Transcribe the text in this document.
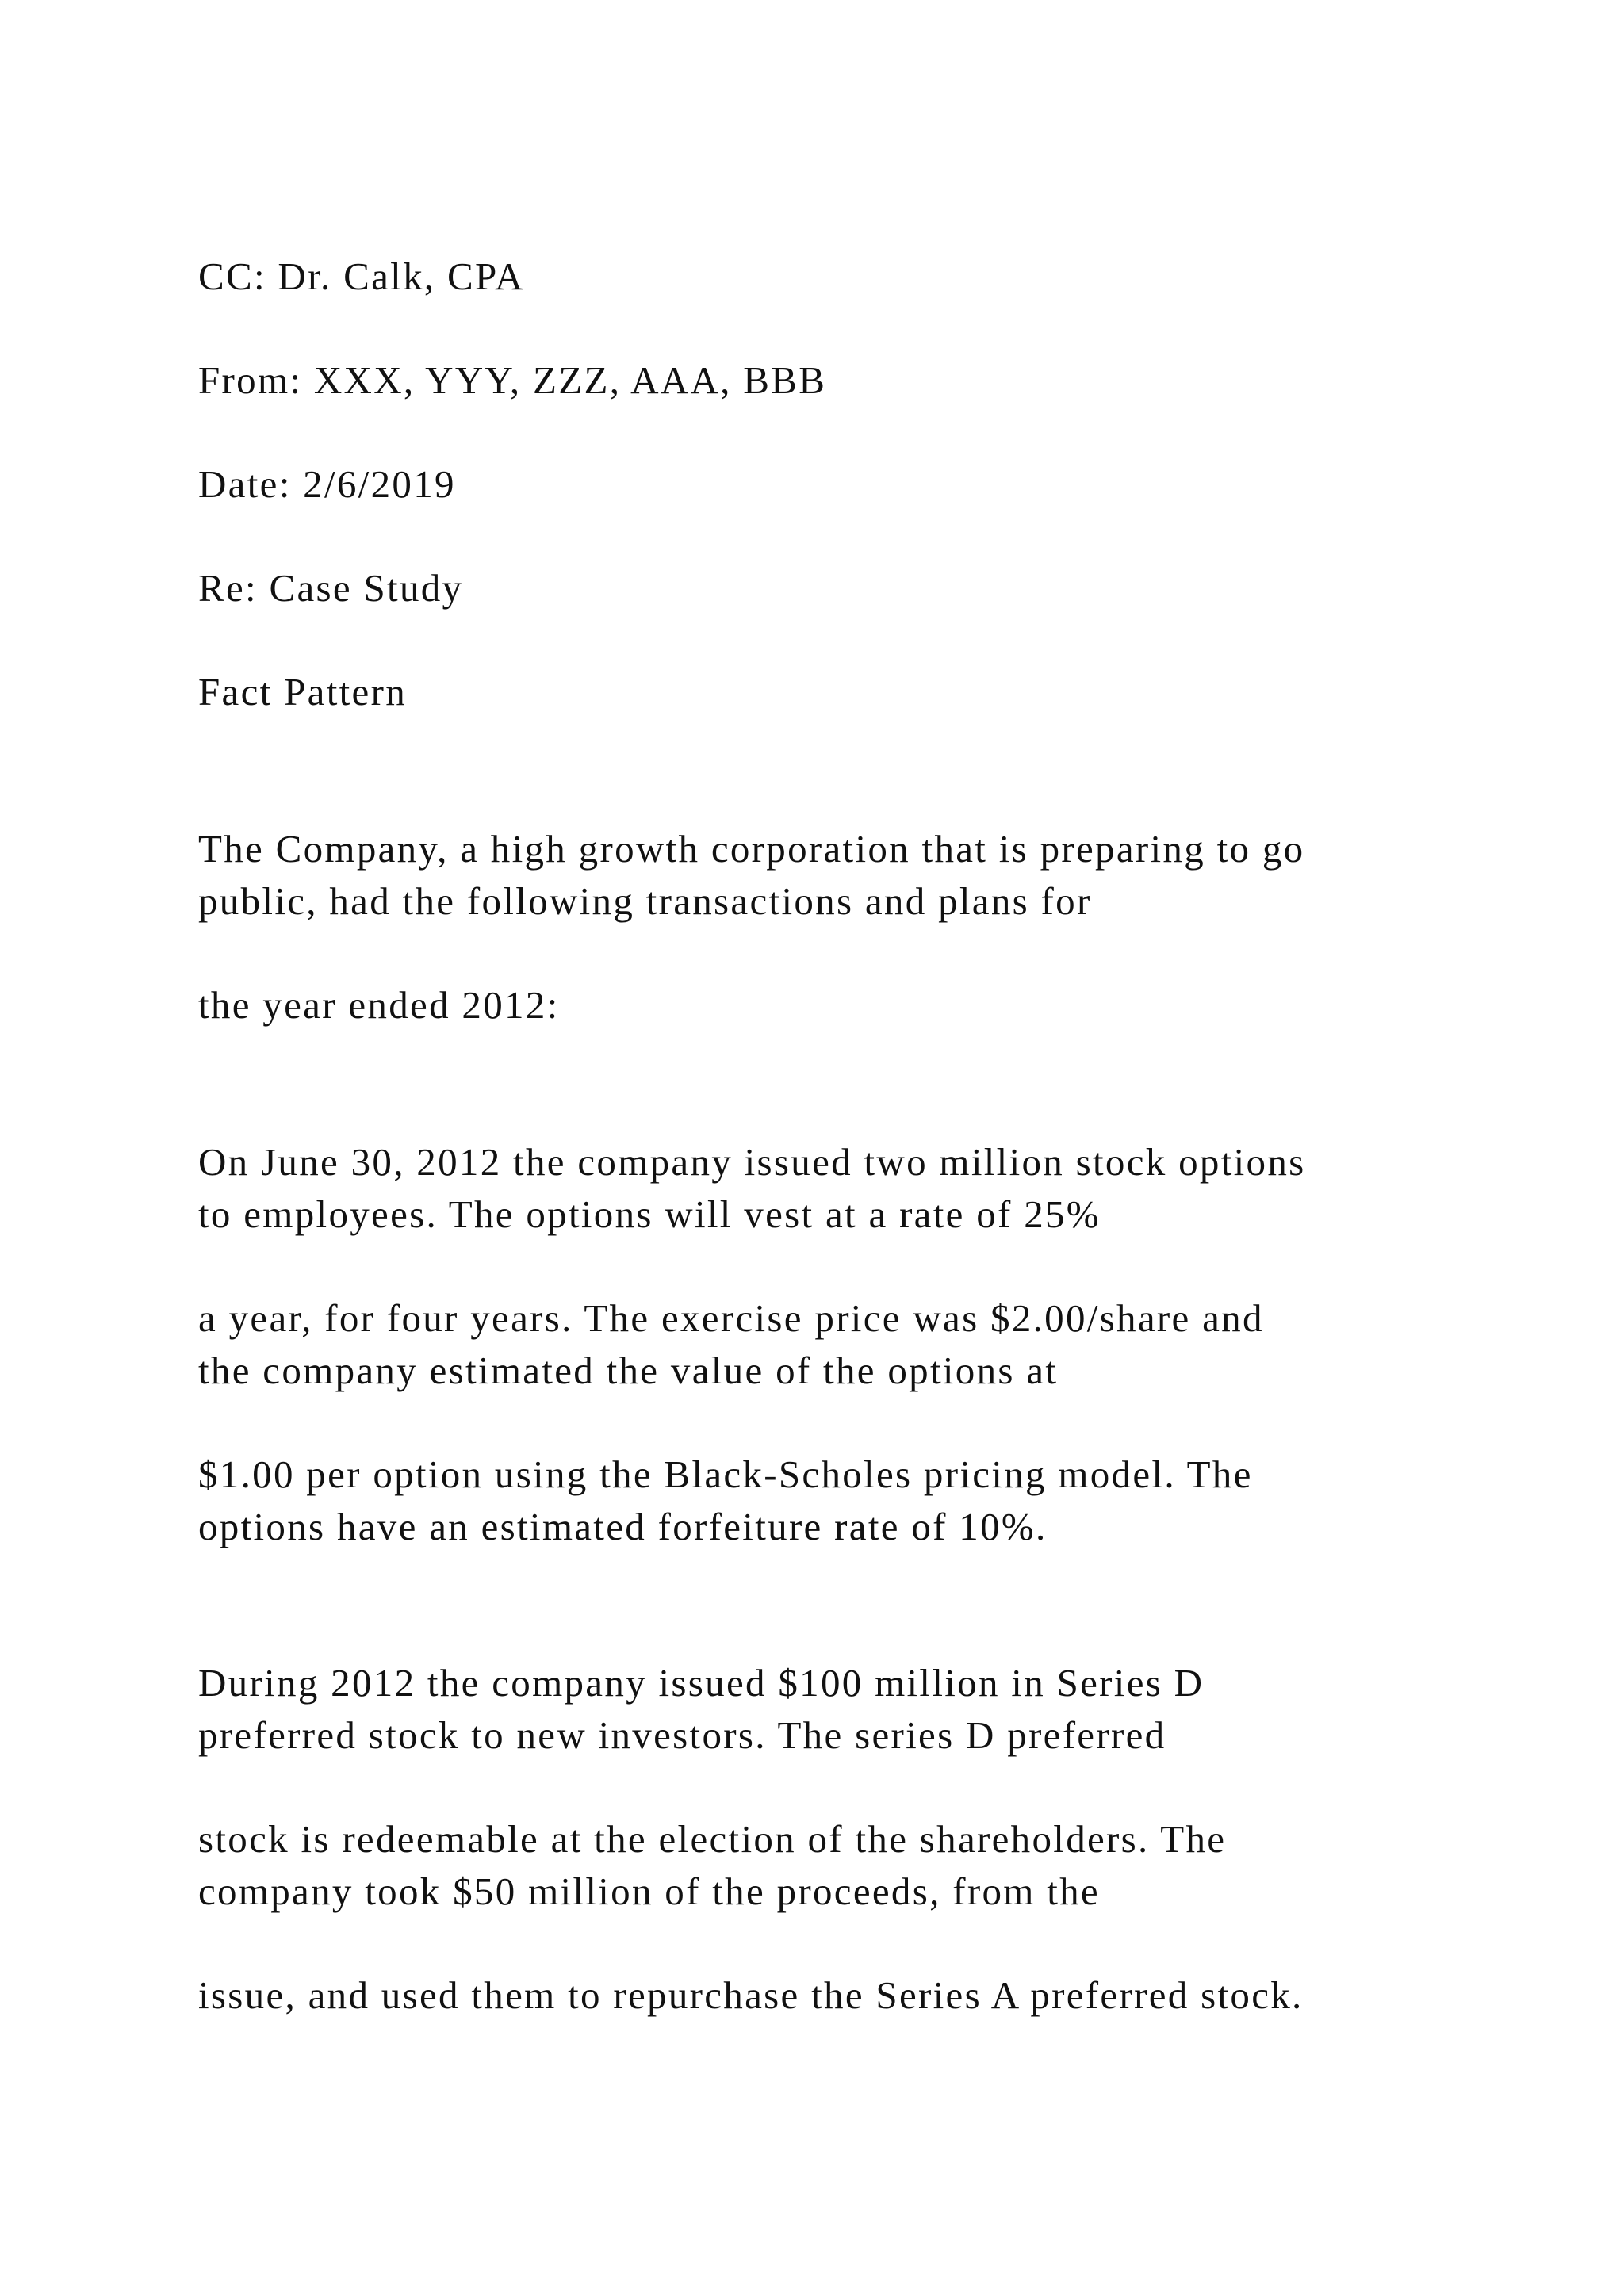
CC: Dr. Calk, CPA

From: XXX, YYY, ZZZ, AAA, BBB

Date: 2/6/2019

Re: Case Study

Fact Pattern

The Company, a high growth corporation that is preparing to go

public, had the following transactions and plans for

the year ended 2012:

On June 30, 2012 the company issued two million stock options

to employees. The options will vest at a rate of 25%

a year, for four years. The exercise price was $2.00/share and

the company estimated the value of the options at

$1.00 per option using the Black-Scholes pricing model. The

options have an estimated forfeiture rate of 10%.

During 2012 the company issued $100 million in Series D

preferred stock to new investors. The series D preferred

stock is redeemable at the election of the shareholders. The

company took $50 million of the proceeds, from the

issue, and used them to repurchase the Series A preferred stock.
